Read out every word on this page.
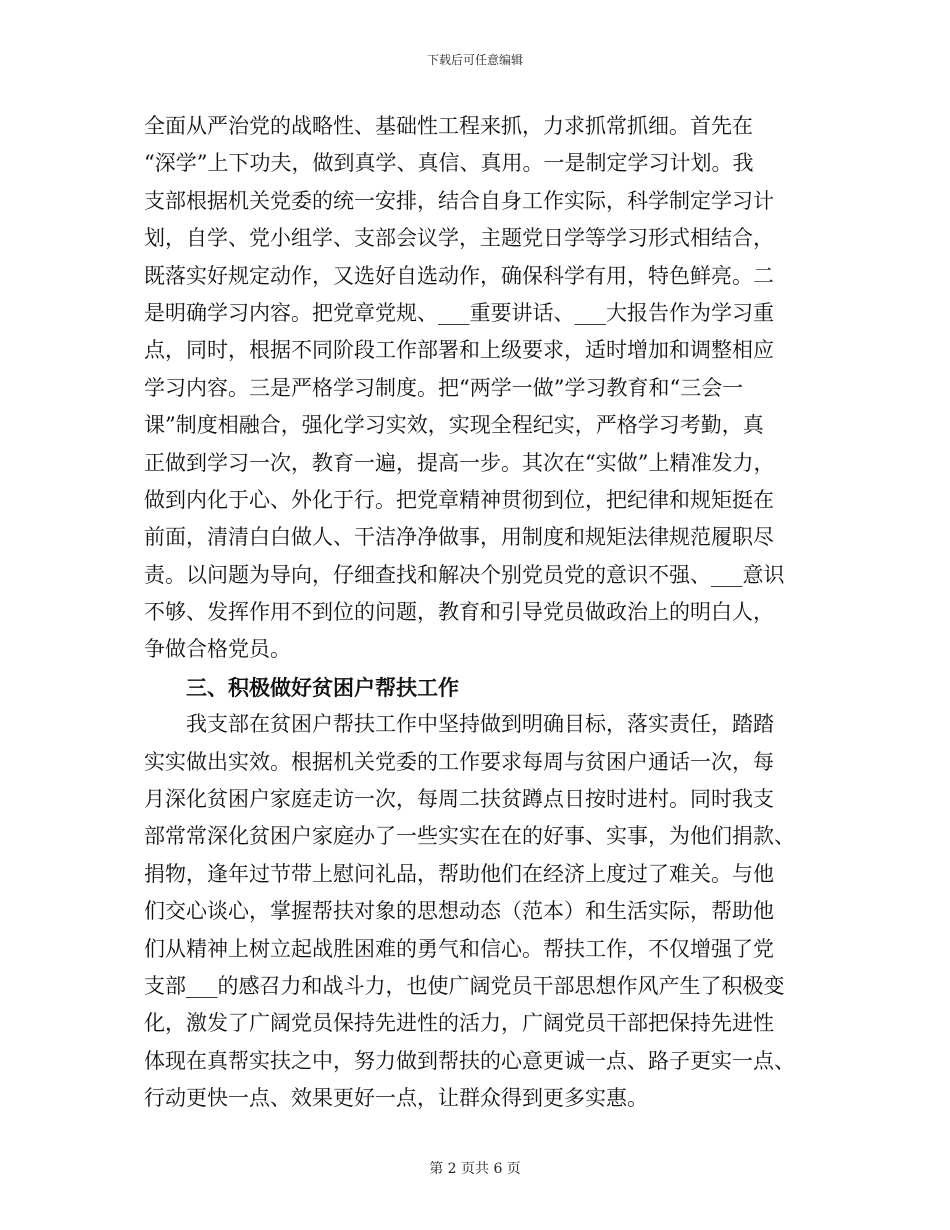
下载后可任意编辑
全面从严治党的战略性、基础性工程来抓，力求抓常抓细。首先在
“深学”上下功夫，做到真学、真信、真用。一是制定学习计划。我
支部根据机关党委的统一安排，结合自身工作实际，科学制定学习计
划，自学、党小组学、支部会议学，主题党日学等学习形式相结合，
既落实好规定动作，又选好自选动作，确保科学有用，特色鲜亮。二
是明确学习内容。把党章党规、___重要讲话、___大报告作为学习重
点，同时，根据不同阶段工作部署和上级要求，适时增加和调整相应
学习内容。三是严格学习制度。把“两学一做”学习教育和“三会一
课”制度相融合，强化学习实效，实现全程纪实，严格学习考勤，真
正做到学习一次，教育一遍，提高一步。其次在“实做”上精准发力，
做到内化于心、外化于行。把党章精神贯彻到位，把纪律和规矩挺在
前面，清清白白做人、干洁净净做事，用制度和规矩法律规范履职尽
责。以问题为导向，仔细查找和解决个别党员党的意识不强、___意识
不够、发挥作用不到位的问题，教育和引导党员做政治上的明白人，
争做合格党员。
三、积极做好贫困户帮扶工作
我支部在贫困户帮扶工作中坚持做到明确目标，落实责任，踏踏
实实做出实效。根据机关党委的工作要求每周与贫困户通话一次，每
月深化贫困户家庭走访一次，每周二扶贫蹲点日按时进村。同时我支
部常常深化贫困户家庭办了一些实实在在的好事、实事，为他们捐款、
捐物，逢年过节带上慰问礼品，帮助他们在经济上度过了难关。与他
们交心谈心，掌握帮扶对象的思想动态（范本）和生活实际，帮助他
们从精神上树立起战胜困难的勇气和信心。帮扶工作，不仅增强了党
支部___的感召力和战斗力，也使广阔党员干部思想作风产生了积极变
化，激发了广阔党员保持先进性的活力，广阔党员干部把保持先进性
体现在真帮实扶之中，努力做到帮扶的心意更诚一点、路子更实一点、
行动更快一点、效果更好一点，让群众得到更多实惠。
第 2 页共 6 页
